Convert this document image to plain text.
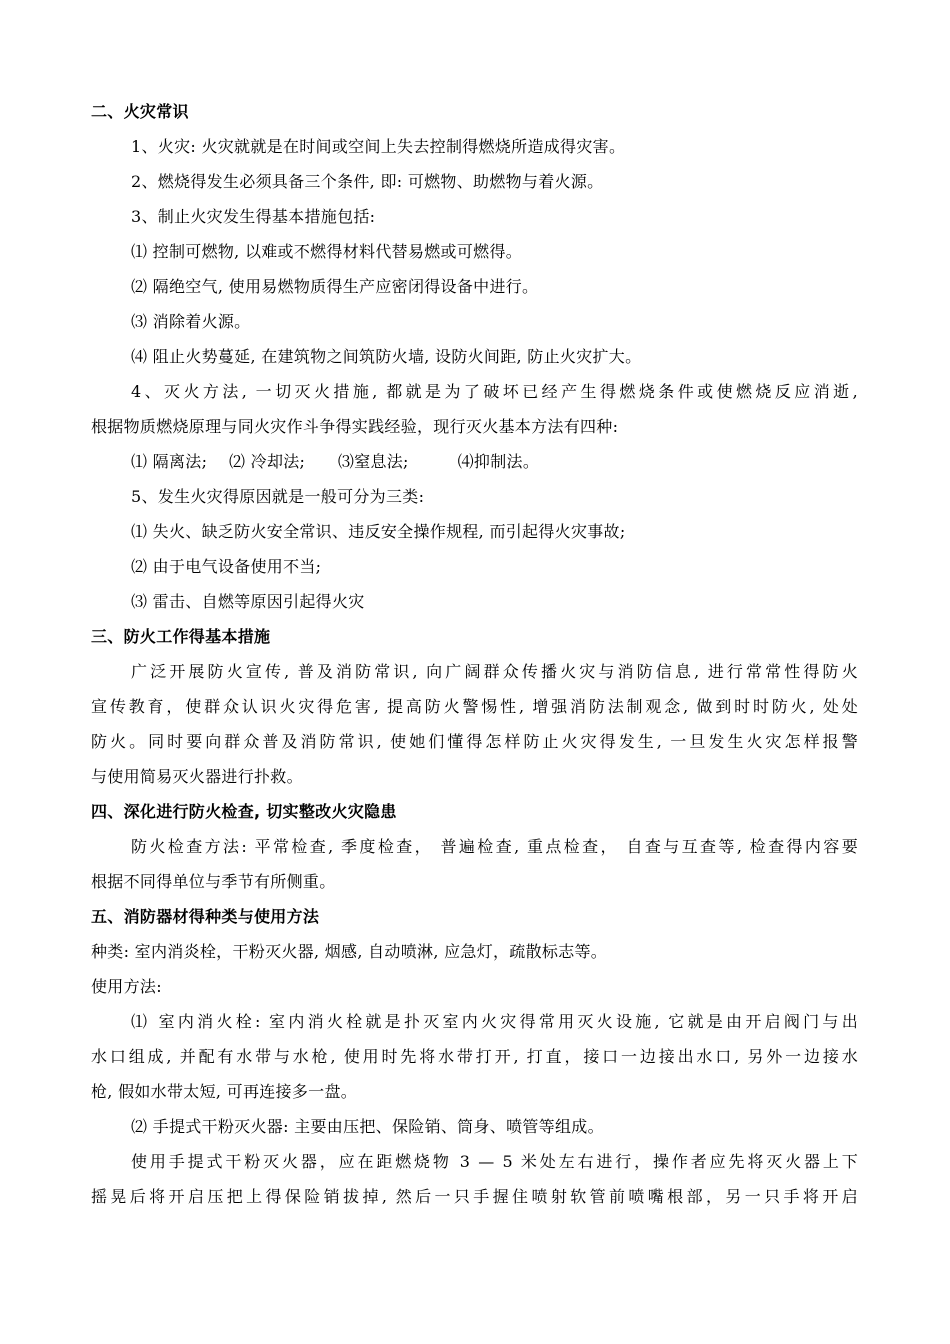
二、火灾常识
1、火灾: 火灾就就是在时间或空间上失去控制得燃烧所造成得灾害。
2、燃烧得发生必须具备三个条件, 即: 可燃物、助燃物与着火源。
3、制止火灾发生得基本措施包括:
⑴ 控制可燃物, 以难或不燃得材料代替易燃或可燃得。
⑵ 隔绝空气, 使用易燃物质得生产应密闭得设备中进行。
⑶ 消除着火源。
⑷ 阻止火势蔓延, 在建筑物之间筑防火墙, 设防火间距, 防止火灾扩大。
4、灭火方法, 一切灭火措施, 都就是为了破坏已经产生得燃烧条件或使燃烧反应消逝,
根据物质燃烧原理与同火灾作斗争得实践经验，现行灭火基本方法有四种:
⑴ 隔离法;　 ⑵ 冷却法;　　⑶窒息法;　　　⑷抑制法。
5、发生火灾得原因就是一般可分为三类:
⑴ 失火、缺乏防火安全常识、违反安全操作规程, 而引起得火灾事故;
⑵ 由于电气设备使用不当;
⑶ 雷击、自燃等原因引起得火灾
三、防火工作得基本措施
广泛开展防火宣传, 普及消防常识, 向广阔群众传播火灾与消防信息, 进行常常性得防火
宣传教育，使群众认识火灾得危害, 提高防火警惕性, 增强消防法制观念, 做到时时防火, 处处
防火。同时要向群众普及消防常识, 使她们懂得怎样防止火灾得发生, 一旦发生火灾怎样报警
与使用简易灭火器进行扑救。
四、深化进行防火检查, 切实整改火灾隐患
防火检查方法: 平常检查, 季度检查， 普遍检查, 重点检查， 自查与互查等, 检查得内容要
根据不同得单位与季节有所侧重。
五、消防器材得种类与使用方法
种类: 室内消炎栓，干粉灭火器, 烟感, 自动喷淋, 应急灯，疏散标志等。
使用方法:
⑴ 室内消火栓: 室内消火栓就是扑灭室内火灾得常用灭火设施, 它就是由开启阀门与出
水口组成, 并配有水带与水枪, 使用时先将水带打开, 打直，接口一边接出水口, 另外一边接水
枪, 假如水带太短, 可再连接多一盘。
⑵ 手提式干粉灭火器: 主要由压把、保险销、筒身、喷管等组成。
使用手提式干粉灭火器，应在距燃烧物 3 — 5 米处左右进行，操作者应先将灭火器上下
摇晃后将开启压把上得保险销拔掉, 然后一只手握住喷射软管前喷嘴根部，另一只手将开启
